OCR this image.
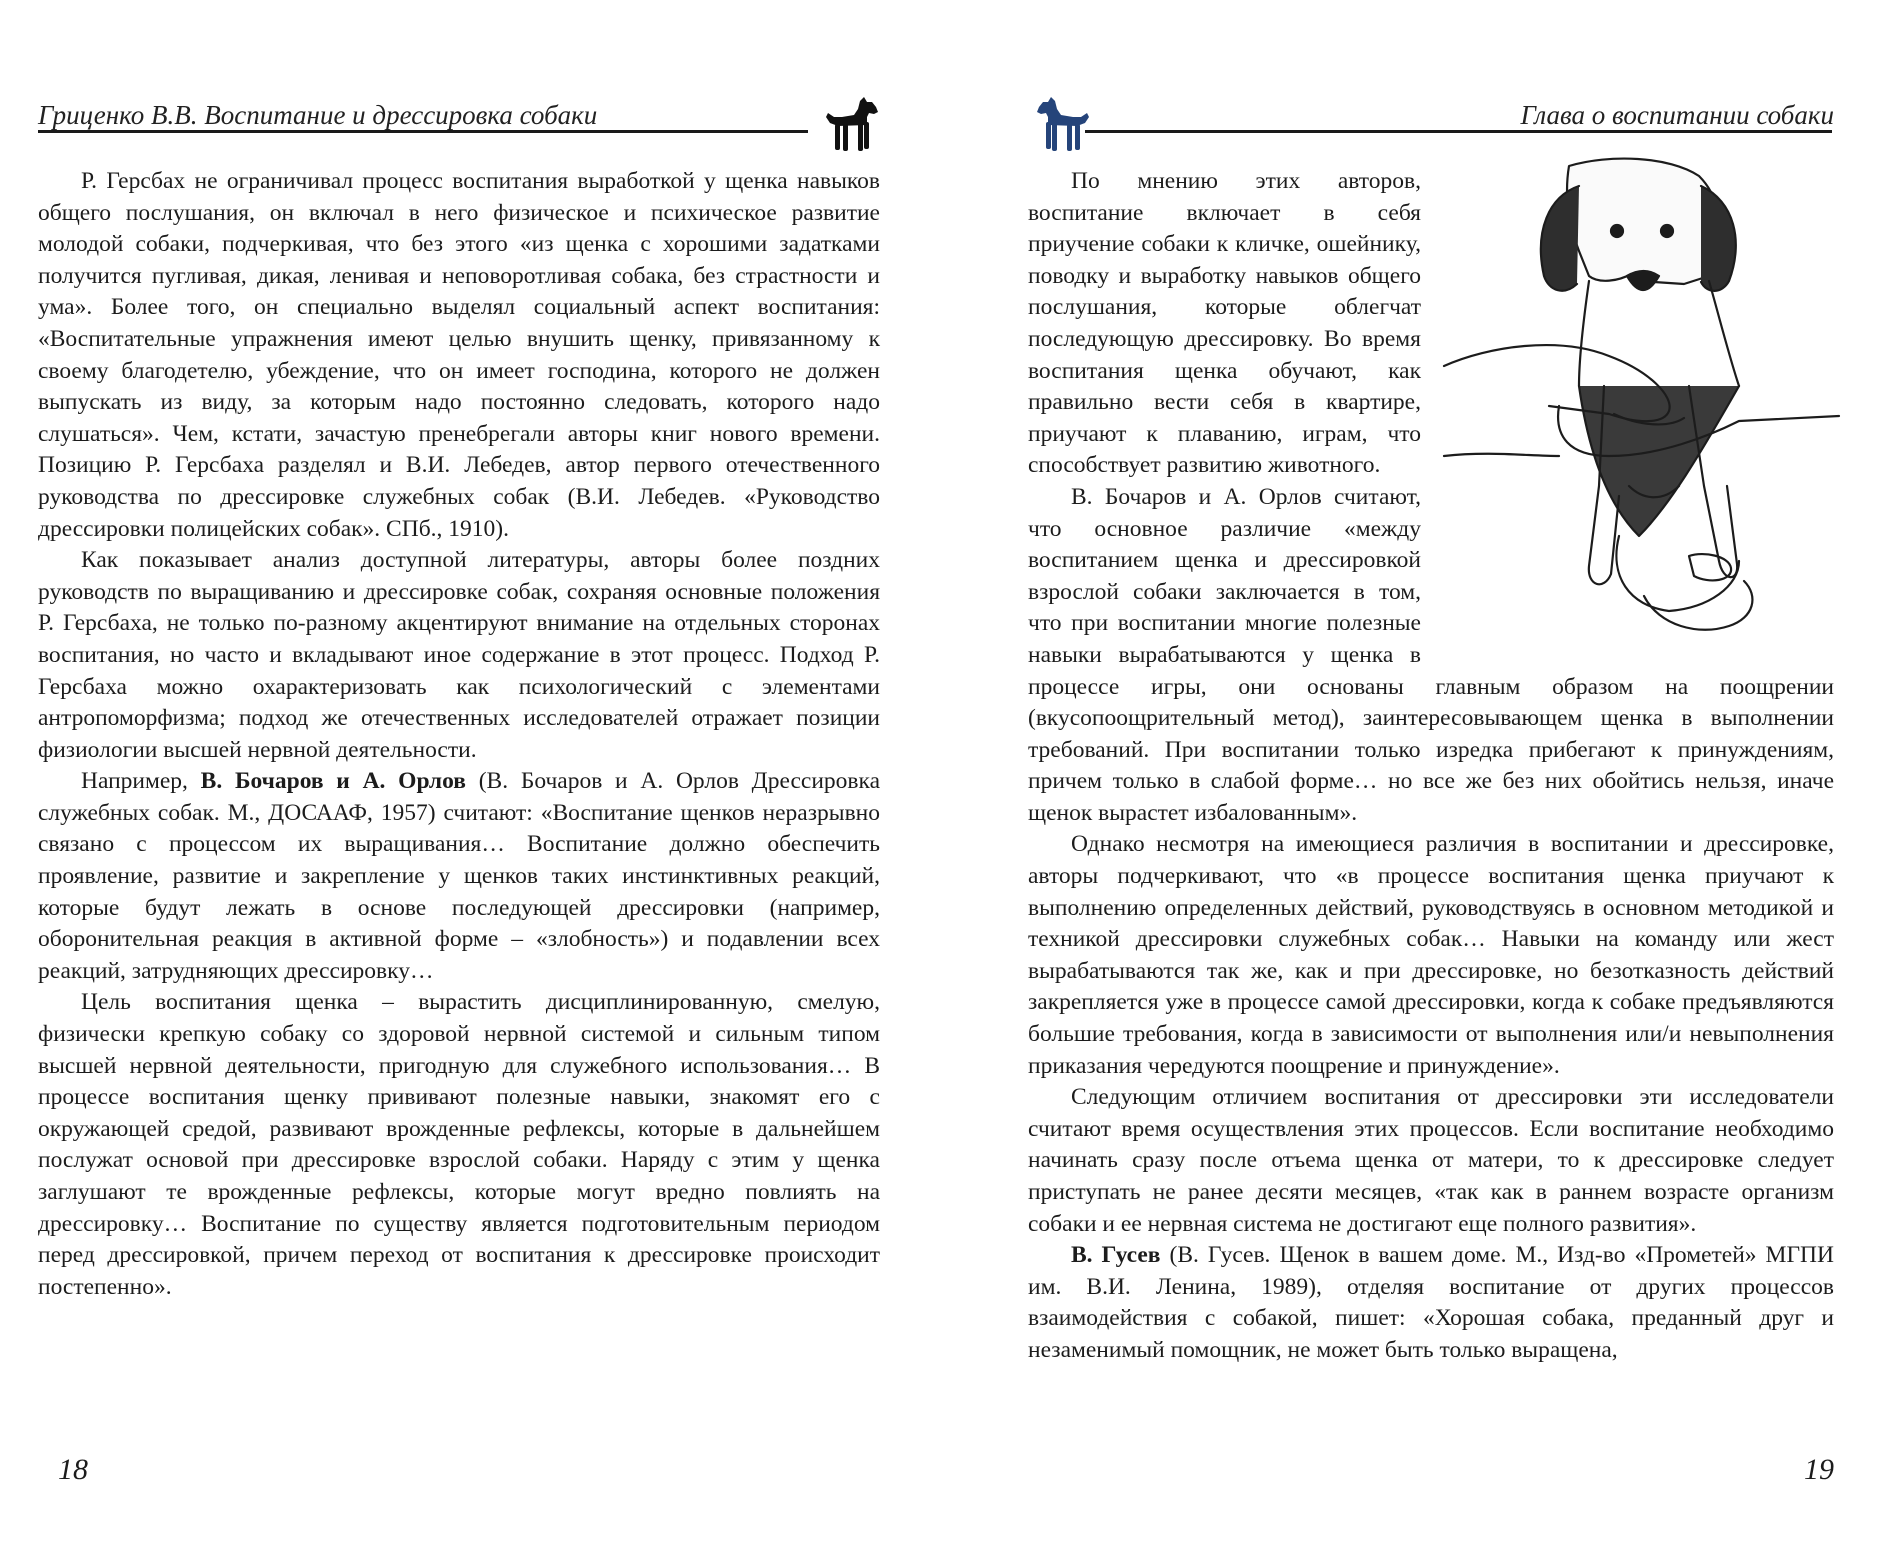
Гриценко В.В. Воспитание и дрессировка собаки

Р. Герсбах не ограничивал процесс воспитания выработкой у щенка навыков общего послушания, он включал в него физическое и психическое развитие молодой собаки, подчеркивая, что без этого «из щенка с хорошими задатками получится пугливая, дикая, ленивая и неповоротливая собака, без страстности и ума». Более того, он специально выделял социальный аспект воспитания: «Воспитательные упражнения имеют целью внушить щенку, привязанному к своему благодетелю, убеждение, что он имеет господина, которого не должен выпускать из виду, за которым надо постоянно следовать, которого надо слушаться». Чем, кстати, зачастую пренебрегали авторы книг нового времени. Позицию Р. Герсбаха разделял и В.И. Лебедев, автор первого отечественного руководства по дрессировке служебных собак (В.И. Лебедев. «Руководство дрессировки полицейских собак». СПб., 1910).

Как показывает анализ доступной литературы, авторы более поздних руководств по выращиванию и дрессировке собак, сохраняя основные положения Р. Герсбаха, не только по-разному акцентируют внимание на отдельных сторонах воспитания, но часто и вкладывают иное содержание в этот процесс. Подход Р. Герсбаха можно охарактеризовать как психологический с элементами антропоморфизма; подход же отечественных исследователей отражает позиции физиологии высшей нервной деятельности.

Например, В. Бочаров и А. Орлов (В. Бочаров и А. Орлов Дрессировка служебных собак. М., ДОСААФ, 1957) считают: «Воспитание щенков неразрывно связано с процессом их выращивания… Воспитание должно обеспечить проявление, развитие и закрепление у щенков таких инстинктивных реакций, которые будут лежать в основе последующей дрессировки (например, оборонительная реакция в активной форме – «злобность») и подавлении всех реакций, затрудняющих дрессировку…

Цель воспитания щенка – вырастить дисциплинированную, смелую, физически крепкую собаку со здоровой нервной системой и сильным типом высшей нервной деятельности, пригодную для служебного использования… В процессе воспитания щенку прививают полезные навыки, знакомят его с окружающей средой, развивают врожденные рефлексы, которые в дальнейшем послужат основой при дрессировке взрослой собаки. Наряду с этим у щенка заглушают те врожденные рефлексы, которые могут вредно повлиять на дрессировку… Воспитание по существу является подготовительным периодом перед дрессировкой, причем переход от воспитания к дрессировке происходит постепенно».

18
Глава о воспитании собаки

По мнению этих авторов, воспитание включает в себя приучение собаки к кличке, ошейнику, поводку и выработку навыков общего послушания, которые облегчат последующую дрессировку. Во время воспитания щенка обучают, как правильно вести себя в квартире, приучают к плаванию, играм, что способствует развитию животного.

В. Бочаров и А. Орлов считают, что основное различие «между воспитанием щенка и дрессировкой взрослой собаки заключается в том, что при воспитании многие полезные навыки вырабатываются у щенка в процессе игры, они основаны главным образом на поощрении (вкусопоощрительный метод), заинтересовывающем щенка в выполнении требований. При воспитании только изредка прибегают к принуждениям, причем только в слабой форме… но все же без них обойтись нельзя, иначе щенок вырастет избалованным».

Однако несмотря на имеющиеся различия в воспитании и дрессировке, авторы подчеркивают, что «в процессе воспитания щенка приучают к выполнению определенных действий, руководствуясь в основном методикой и техникой дрессировки служебных собак… Навыки на команду или жест вырабатываются так же, как и при дрессировке, но безотказность действий закрепляется уже в процессе самой дрессировки, когда к собаке предъявляются большие требования, когда в зависимости от выполнения или/и невыполнения приказания чередуются поощрение и принуждение».

Следующим отличием воспитания от дрессировки эти исследователи считают время осуществления этих процессов. Если воспитание необходимо начинать сразу после отъема щенка от матери, то к дрессировке следует приступать не ранее десяти месяцев, «так как в раннем возрасте организм собаки и ее нервная система не достигают еще полного развития».

В. Гусев (В. Гусев. Щенок в вашем доме. М., Изд-во «Прометей» МГПИ им. В.И. Ленина, 1989), отделяя воспитание от других процессов взаимодействия с собакой, пишет: «Хорошая собака, преданный друг и незаменимый помощник, не может быть только выращена,

19
